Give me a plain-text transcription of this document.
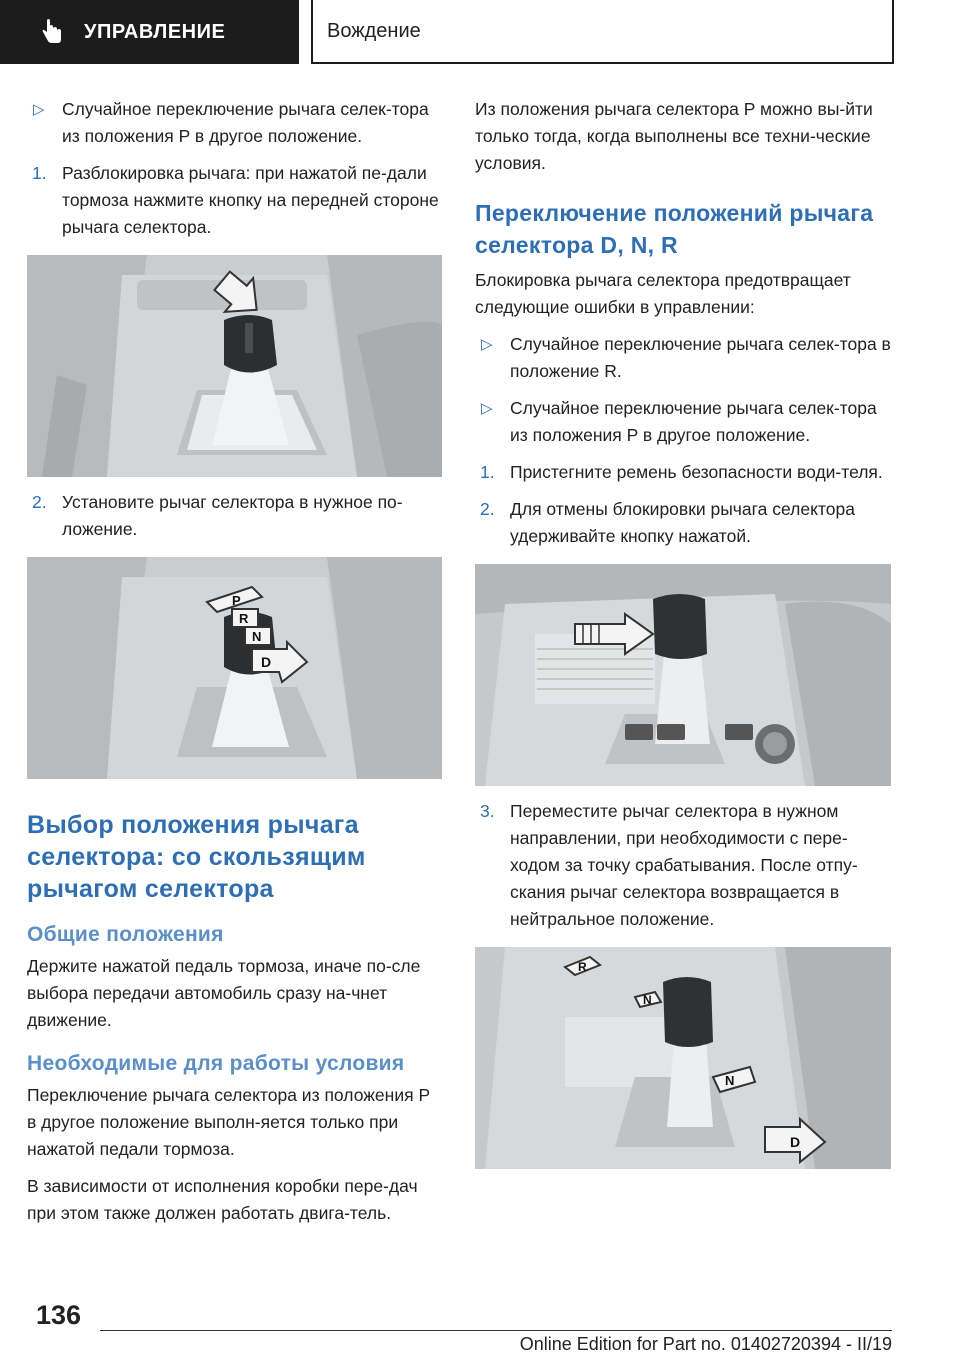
УПРАВЛЕНИЕ	Вождение
▷ Случайное переключение рычага селек-тора из положения P в другое положение.
1. Разблокировка рычага: при нажатой пе-дали тормоза нажмите кнопку на передней стороне рычага селектора.
2. Установите рычаг селектора в нужное по-ложение.
P
R
N
D
Выбор положения рычага селектора: со скользящим рычагом селектора
Общие положения

Держите нажатой педаль тормоза, иначе по-сле выбора передачи автомобиль сразу на-чнет движение.

Необходимые для работы условия

Переключение рычага селектора из положения P в другое положение выполн-яется только при нажатой педали тормоза.

В зависимости от исполнения коробки пере-дач при этом также должен работать двига-тель.

Из положения рычага селектора P можно вы-йти только тогда, когда выполнены все техни-ческие условия.

Переключение положений рычага селектора D, N, R

Блокировка рычага селектора предотвращает следующие ошибки в управлении:

▷ Случайное переключение рычага селек-тора в положение R.
▷ Случайное переключение рычага селек-тора из положения P в другое положение.
1. Пристегните ремень безопасности води-теля.
2. Для отмены блокировки рычага селектора удерживайте кнопку нажатой.
3. Переместите рычаг селектора в нужном направлении, при необходимости с пере-ходом за точку срабатывания. После отпу-скания рычаг селектора возвращается в нейтральное положение.
R
N
N
D
136
Online Edition for Part no. 01402720394 - II/19
